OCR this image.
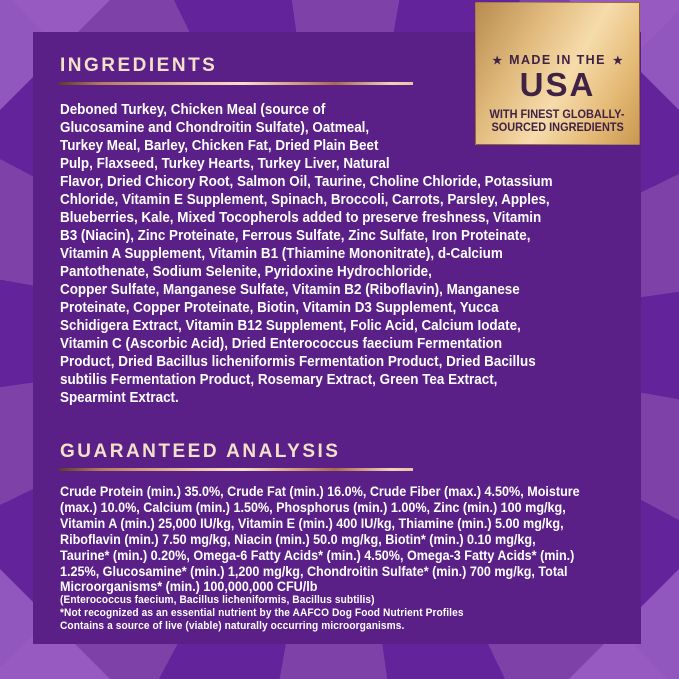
INGREDIENTS	★ MADE IN THE ★
USA
WITH FINEST GLOBALLY-
SOURCED INGREDIENTS
Deboned Turkey, Chicken Meal (source of
Glucosamine and Chondroitin Sulfate), Oatmeal,
Turkey Meal, Barley, Chicken Fat, Dried Plain Beet
Pulp, Flaxseed, Turkey Hearts, Turkey Liver, Natural
Flavor, Dried Chicory Root, Salmon Oil, Taurine, Choline Chloride, Potassium
Chloride, Vitamin E Supplement, Spinach, Broccoli, Carrots, Parsley, Apples,
Blueberries, Kale, Mixed Tocopherols added to preserve freshness, Vitamin
B3 (Niacin), Zinc Proteinate, Ferrous Sulfate, Zinc Sulfate, Iron Proteinate,
Vitamin A Supplement, Vitamin B1 (Thiamine Mononitrate), d-Calcium
Pantothenate, Sodium Selenite, Pyridoxine Hydrochloride,
Copper Sulfate, Manganese Sulfate, Vitamin B2 (Riboflavin), Manganese
Proteinate, Copper Proteinate, Biotin, Vitamin D3 Supplement, Yucca
Schidigera Extract, Vitamin B12 Supplement, Folic Acid, Calcium Iodate,
Vitamin C (Ascorbic Acid), Dried Enterococcus faecium Fermentation
Product, Dried Bacillus licheniformis Fermentation Product, Dried Bacillus
subtilis Fermentation Product, Rosemary Extract, Green Tea Extract,
Spearmint Extract.
GUARANTEED ANALYSIS
Crude Protein (min.) 35.0%, Crude Fat (min.) 16.0%, Crude Fiber (max.) 4.50%, Moisture
(max.) 10.0%, Calcium (min.) 1.50%, Phosphorus (min.) 1.00%, Zinc (min.) 100 mg/kg,
Vitamin A (min.) 25,000 IU/kg, Vitamin E (min.) 400 IU/kg, Thiamine (min.) 5.00 mg/kg,
Riboflavin (min.) 7.50 mg/kg, Niacin (min.) 50.0 mg/kg, Biotin* (min.) 0.10 mg/kg,
Taurine* (min.) 0.20%, Omega-6 Fatty Acids* (min.) 4.50%, Omega-3 Fatty Acids* (min.)
1.25%, Glucosamine* (min.) 1,200 mg/kg, Chondroitin Sulfate* (min.) 700 mg/kg, Total
Microorganisms* (min.) 100,000,000 CFU/lb
(Enterococcus faecium, Bacillus licheniformis, Bacillus subtilis)
*Not recognized as an essential nutrient by the AAFCO Dog Food Nutrient Profiles
Contains a source of live (viable) naturally occurring microorganisms.
